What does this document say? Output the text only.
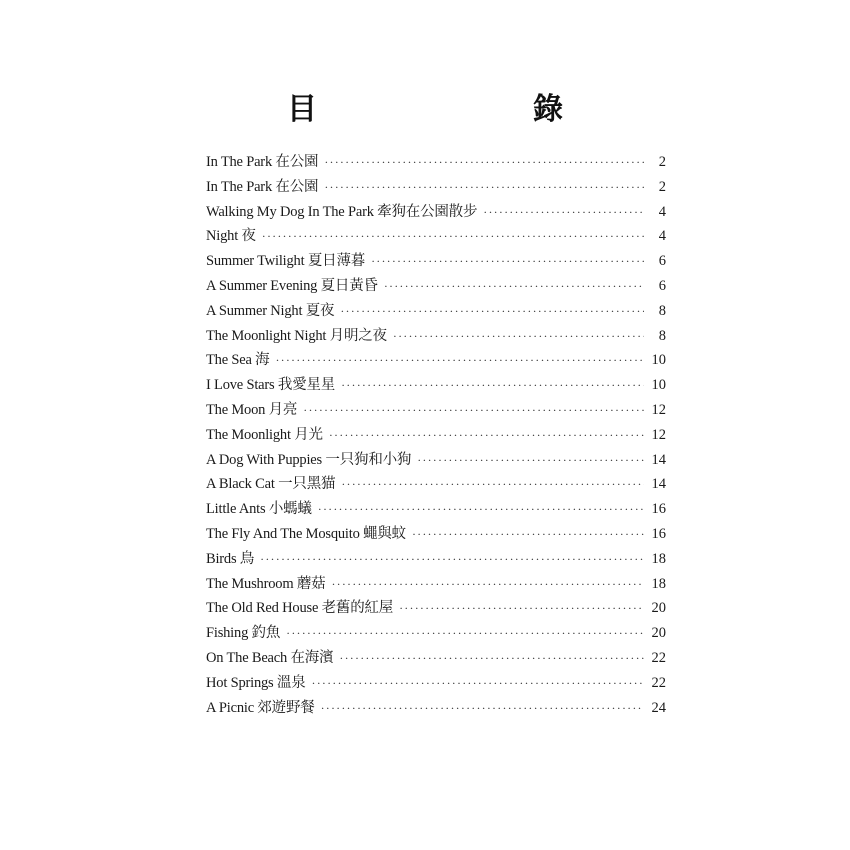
目　　錄
In The Park 在公園 ·····	2
In The Park 在公園 ·····	2
Walking My Dog In The Park 牽狗在公園散步 ·····	4
Night 夜 ·····	4
Summer Twilight 夏日薄暮 ·····	6
A Summer Evening 夏日黃昏 ·····	6
A Summer Night 夏夜 ·····	8
The Moonlight Night 月明之夜 ·····	8
The Sea 海 ·····	10
I Love Stars 我愛星星 ·····	10
The Moon 月亮 ·····	12
The Moonlight 月光 ·····	12
A Dog With Puppies 一只狗和小狗 ·····	14
A Black Cat 一只黑猫 ·····	14
Little Ants 小螞蟻 ·····	16
The Fly And The Mosquito 蠅與蚊 ·····	16
Birds 鳥 ·····	18
The Mushroom 蘑菇 ·····	18
The Old Red House 老舊的紅屋 ·····	20
Fishing 釣魚 ·····	20
On The Beach 在海濱 ·····	22
Hot Springs 溫泉 ·····	22
A Picnic 郊遊野餐 ·····	24
